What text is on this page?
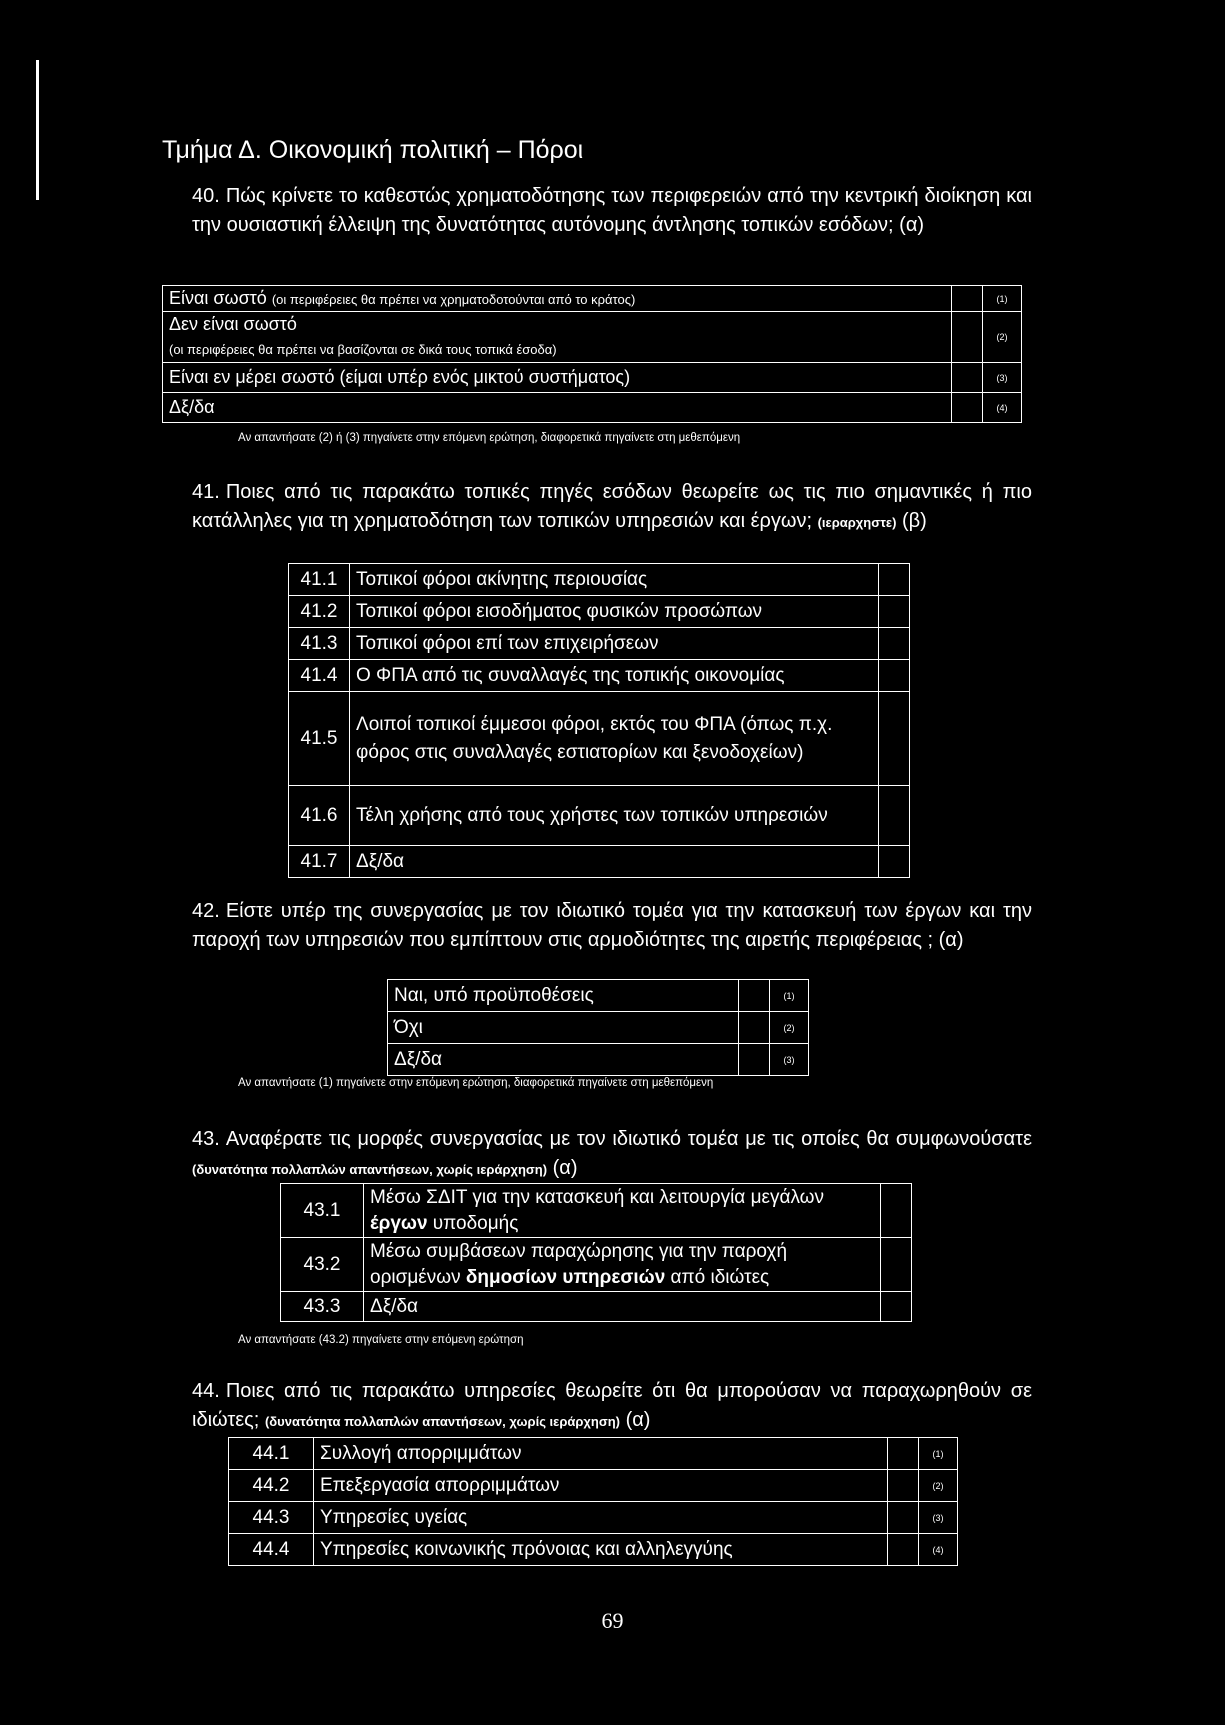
Τμήμα Δ. Οικονομική πολιτική – Πόροι
40. Πώς κρίνετε το καθεστώς χρηματοδότησης των περιφερειών από την κεντρική διοίκηση και την ουσιαστική έλλειψη της δυνατότητας αυτόνομης άντλησης τοπικών εσόδων; (α)
Είναι σωστό (οι περιφέρειες θα πρέπει να χρηματοδοτούνται από το κράτος)		(1)
Δεν είναι σωστό
(οι περιφέρειες θα πρέπει να βασίζονται σε δικά τους τοπικά έσοδα)		(2)
Είναι εν μέρει σωστό (είμαι υπέρ ενός μικτού συστήματος)		(3)
Δξ/δα		(4)
Αν απαντήσατε (2) ή (3) πηγαίνετε στην επόμενη ερώτηση, διαφορετικά πηγαίνετε στη μεθεπόμενη
41. Ποιες από τις παρακάτω τοπικές πηγές εσόδων θεωρείτε ως τις πιο σημαντικές ή πιο κατάλληλες για τη χρηματοδότηση των τοπικών υπηρεσιών και έργων; (ιεραρχηστε) (β)
41.1	Τοπικοί φόροι ακίνητης περιουσίας	
41.2	Τοπικοί φόροι εισοδήματος φυσικών προσώπων	
41.3	Τοπικοί φόροι επί των επιχειρήσεων	
41.4	Ο ΦΠΑ από τις συναλλαγές της τοπικής οικονομίας	
41.5	Λοιποί τοπικοί έμμεσοι φόροι, εκτός του ΦΠΑ (όπως π.χ. φόρος στις συναλλαγές εστιατορίων και ξενοδοχείων)	
41.6	Τέλη χρήσης από τους χρήστες των τοπικών υπηρεσιών	
41.7	Δξ/δα	
42. Είστε υπέρ της συνεργασίας με τον ιδιωτικό τομέα για την κατασκευή των έργων και την παροχή των υπηρεσιών που εμπίπτουν στις αρμοδιότητες της αιρετής περιφέρειας ; (α)
Ναι, υπό προϋποθέσεις		(1)
Όχι		(2)
Δξ/δα		(3)
Αν απαντήσατε (1) πηγαίνετε στην επόμενη ερώτηση, διαφορετικά πηγαίνετε στη μεθεπόμενη
43. Αναφέρατε τις μορφές συνεργασίας με τον ιδιωτικό τομέα με τις οποίες θα συμφωνούσατε (δυνατότητα πολλαπλών απαντήσεων, χωρίς ιεράρχηση) (α)
43.1	Μέσω ΣΔΙΤ για την κατασκευή και λειτουργία μεγάλων έργων υποδομής	
43.2	Μέσω συμβάσεων παραχώρησης για την παροχή ορισμένων δημοσίων υπηρεσιών από ιδιώτες	
43.3	Δξ/δα	
Αν απαντήσατε (43.2) πηγαίνετε στην επόμενη ερώτηση
44. Ποιες από τις παρακάτω υπηρεσίες θεωρείτε ότι θα μπορούσαν να παραχωρηθούν σε ιδιώτες; (δυνατότητα πολλαπλών απαντήσεων, χωρίς ιεράρχηση) (α)
44.1	Συλλογή απορριμμάτων		(1)
44.2	Επεξεργασία απορριμμάτων		(2)
44.3	Υπηρεσίες υγείας		(3)
44.4	Υπηρεσίες κοινωνικής πρόνοιας και αλληλεγγύης		(4)
69
